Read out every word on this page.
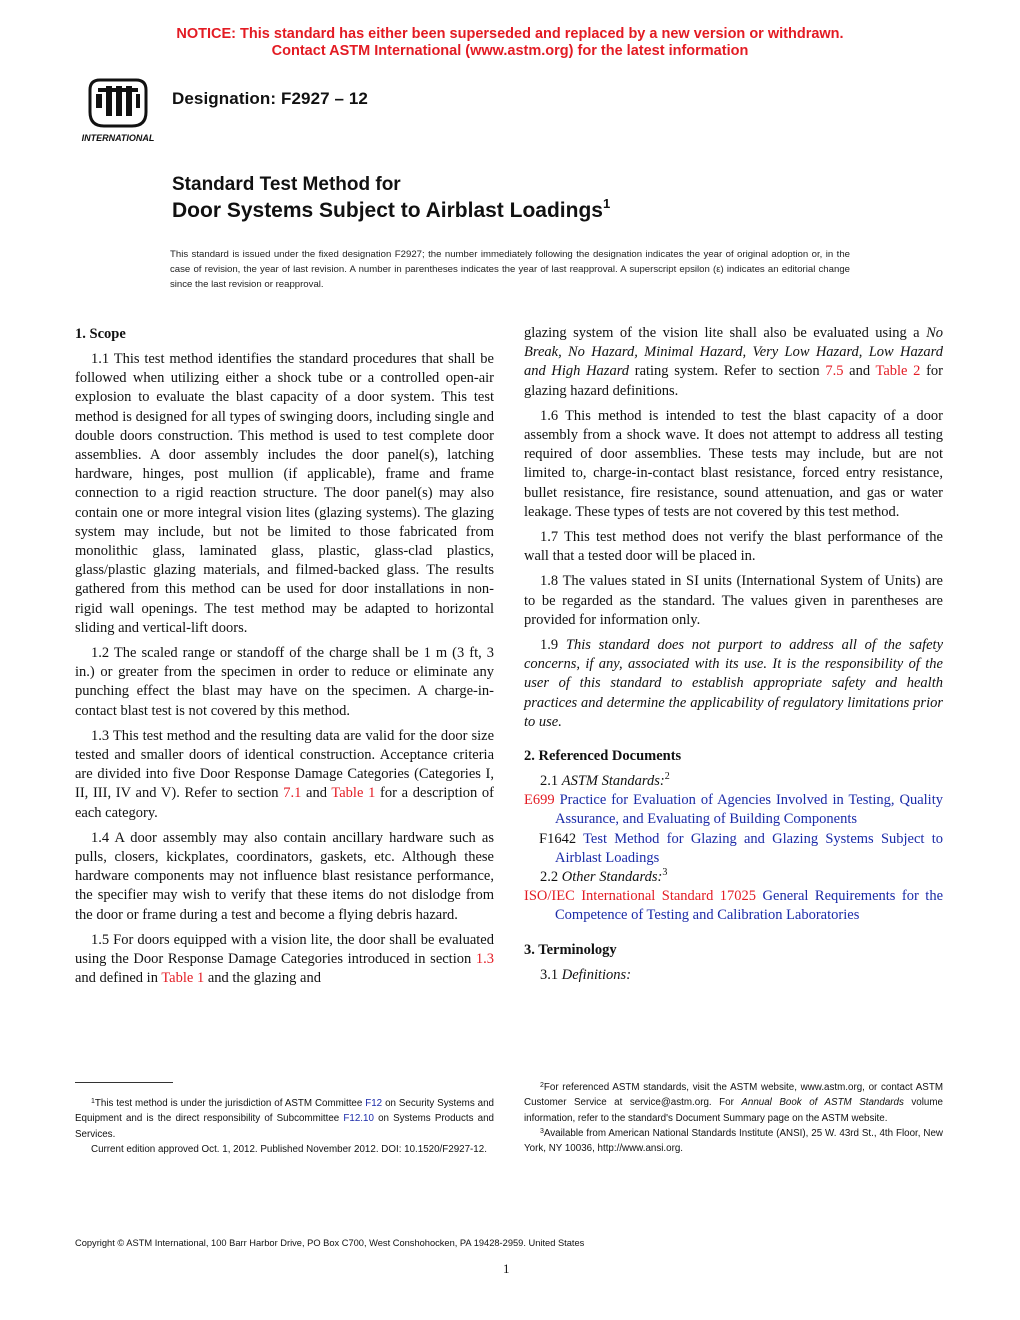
NOTICE: This standard has either been superseded and replaced by a new version or withdrawn.
Contact ASTM International (www.astm.org) for the latest information
INTERNATIONAL
Designation: F2927 – 12
Standard Test Method for
Door Systems Subject to Airblast Loadings$^1$
This standard is issued under the fixed designation F2927; the number immediately following the designation indicates the year of original adoption or, in the case of revision, the year of last revision. A number in parentheses indicates the year of last reapproval. A superscript epsilon (ε) indicates an editorial change since the last revision or reapproval.
1. Scope

1.1 This test method identifies the standard procedures that shall be followed when utilizing either a shock tube or a controlled open-air explosion to evaluate the blast capacity of a door system. This test method is designed for all types of swinging doors, including single and double doors construction. This method is used to test complete door assemblies. A door assembly includes the door panel(s), latching hardware, hinges, post mullion (if applicable), frame and frame connection to a rigid reaction structure. The door panel(s) may also contain one or more integral vision lites (glazing systems). The glazing system may include, but not be limited to those fabricated from monolithic glass, laminated glass, plastic, glass-clad plastics, glass/plastic glazing materials, and filmed-backed glass. The results gathered from this method can be used for door installations in non-rigid wall openings. The test method may be adapted to horizontal sliding and vertical-lift doors.

1.2 The scaled range or standoff of the charge shall be 1 m (3 ft, 3 in.) or greater from the specimen in order to reduce or eliminate any punching effect the blast may have on the specimen. A charge-in-contact blast test is not covered by this method.

1.3 This test method and the resulting data are valid for the door size tested and smaller doors of identical construction. Acceptance criteria are divided into five Door Response Damage Categories (Categories I, II, III, IV and V). Refer to section 7.1 and Table 1 for a description of each category.

1.4 A door assembly may also contain ancillary hardware such as pulls, closers, kickplates, coordinators, gaskets, etc. Although these hardware components may not influence blast resistance performance, the specifier may wish to verify that these items do not dislodge from the door or frame during a test and become a flying debris hazard.

1.5 For doors equipped with a vision lite, the door shall be evaluated using the Door Response Damage Categories introduced in section 1.3 and defined in Table 1 and the glazing and

glazing system of the vision lite shall also be evaluated using a No Break, No Hazard, Minimal Hazard, Very Low Hazard, Low Hazard and High Hazard rating system. Refer to section 7.5 and Table 2 for glazing hazard definitions.

1.6 This method is intended to test the blast capacity of a door assembly from a shock wave. It does not attempt to address all testing required of door assemblies. These tests may include, but are not limited to, charge-in-contact blast resistance, forced entry resistance, bullet resistance, fire resistance, sound attenuation, and gas or water leakage. These types of tests are not covered by this test method.

1.7 This test method does not verify the blast performance of the wall that a tested door will be placed in.

1.8 The values stated in SI units (International System of Units) are to be regarded as the standard. The values given in parentheses are provided for information only.

1.9 This standard does not purport to address all of the safety concerns, if any, associated with its use. It is the responsibility of the user of this standard to establish appropriate safety and health practices and determine the applicability of regulatory limitations prior to use.

2. Referenced Documents

2.1 ASTM Standards:$^2$

E699 Practice for Evaluation of Agencies Involved in Testing, Quality Assurance, and Evaluating of Building Components
F1642 Test Method for Glazing and Glazing Systems Subject to Airblast Loadings

2.2 Other Standards:$^3$

ISO/IEC International Standard 17025 General Requirements for the Competence of Testing and Calibration Laboratories
3. Terminology

3.1 Definitions:

$^1$This test method is under the jurisdiction of ASTM Committee F12 on Security Systems and Equipment and is the direct responsibility of Subcommittee F12.10 on Systems Products and Services.

Current edition approved Oct. 1, 2012. Published November 2012. DOI: 10.1520/F2927-12.

$^2$For referenced ASTM standards, visit the ASTM website, www.astm.org, or contact ASTM Customer Service at service@astm.org. For Annual Book of ASTM Standards volume information, refer to the standard's Document Summary page on the ASTM website.

$^3$Available from American National Standards Institute (ANSI), 25 W. 43rd St., 4th Floor, New York, NY 10036, http://www.ansi.org.

Copyright © ASTM International, 100 Barr Harbor Drive, PO Box C700, West Conshohocken, PA 19428-2959. United States
1
